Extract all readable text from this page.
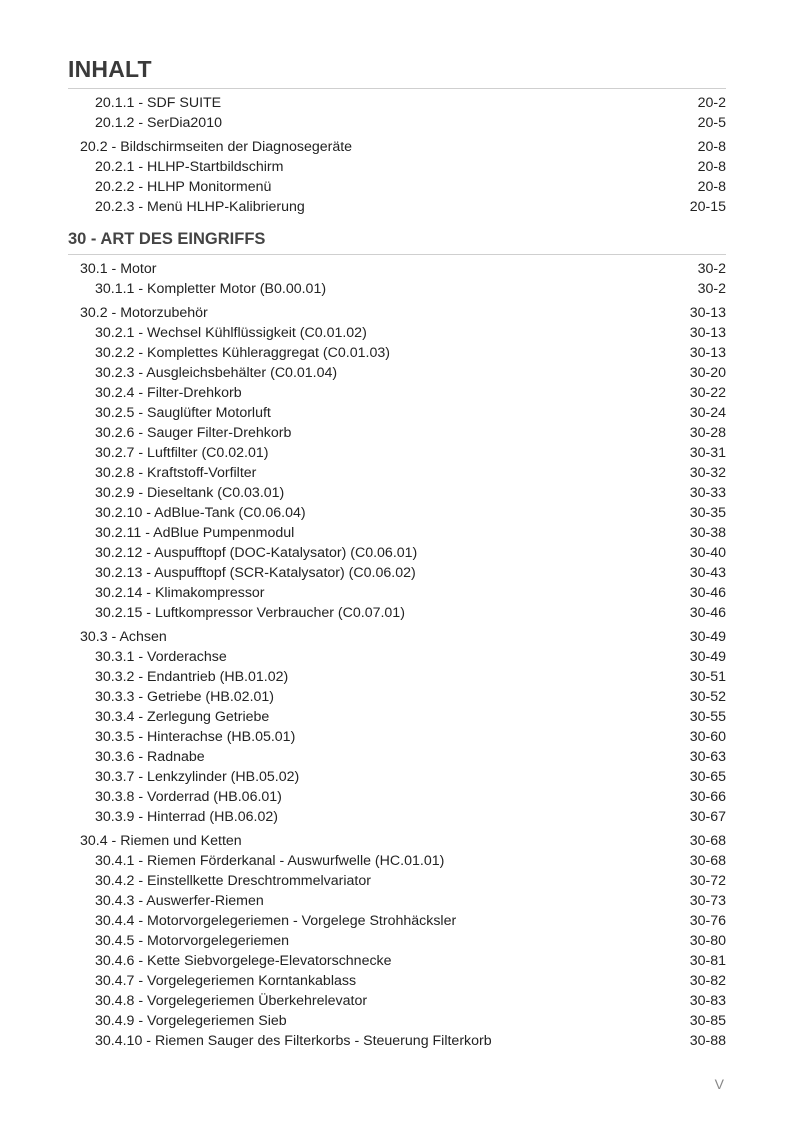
INHALT
20.1.1 - SDF SUITE	20-2
20.1.2 - SerDia2010	20-5
20.2 - Bildschirmseiten der Diagnosegeräte	20-8
20.2.1 - HLHP-Startbildschirm	20-8
20.2.2 - HLHP Monitormenü	20-8
20.2.3 - Menü HLHP-Kalibrierung	20-15
30 - ART DES EINGRIFFS
30.1 - Motor	30-2
30.1.1 - Kompletter Motor (B0.00.01)	30-2
30.2 - Motorzubehör	30-13
30.2.1 - Wechsel Kühlflüssigkeit (C0.01.02)	30-13
30.2.2 - Komplettes Kühleraggregat (C0.01.03)	30-13
30.2.3 - Ausgleichsbehälter (C0.01.04)	30-20
30.2.4 - Filter-Drehkorb	30-22
30.2.5 - Sauglüfter Motorluft	30-24
30.2.6 - Sauger Filter-Drehkorb	30-28
30.2.7 - Luftfilter (C0.02.01)	30-31
30.2.8 - Kraftstoff-Vorfilter	30-32
30.2.9 - Dieseltank (C0.03.01)	30-33
30.2.10 - AdBlue-Tank (C0.06.04)	30-35
30.2.11 - AdBlue Pumpenmodul	30-38
30.2.12 - Auspufftopf (DOC-Katalysator) (C0.06.01)	30-40
30.2.13 - Auspufftopf (SCR-Katalysator) (C0.06.02)	30-43
30.2.14 - Klimakompressor	30-46
30.2.15 - Luftkompressor Verbraucher (C0.07.01)	30-46
30.3 - Achsen	30-49
30.3.1 - Vorderachse	30-49
30.3.2 - Endantrieb (HB.01.02)	30-51
30.3.3 - Getriebe (HB.02.01)	30-52
30.3.4 - Zerlegung Getriebe	30-55
30.3.5 - Hinterachse (HB.05.01)	30-60
30.3.6 - Radnabe	30-63
30.3.7 - Lenkzylinder (HB.05.02)	30-65
30.3.8 - Vorderrad (HB.06.01)	30-66
30.3.9 - Hinterrad (HB.06.02)	30-67
30.4 - Riemen und Ketten	30-68
30.4.1 - Riemen Förderkanal - Auswurfwelle (HC.01.01)	30-68
30.4.2 - Einstellkette Dreschtrommelvariator	30-72
30.4.3 - Auswerfer-Riemen	30-73
30.4.4 - Motorvorgelegeriemen - Vorgelege Strohhäcksler	30-76
30.4.5 - Motorvorgelegeriemen	30-80
30.4.6 - Kette Siebvorgelege-Elevatorschnecke	30-81
30.4.7 - Vorgelegeriemen Korntankablass	30-82
30.4.8 - Vorgelegeriemen Überkehrelevator	30-83
30.4.9 - Vorgelegeriemen Sieb	30-85
30.4.10 - Riemen Sauger des Filterkorbs - Steuerung Filterkorb	30-88
V
